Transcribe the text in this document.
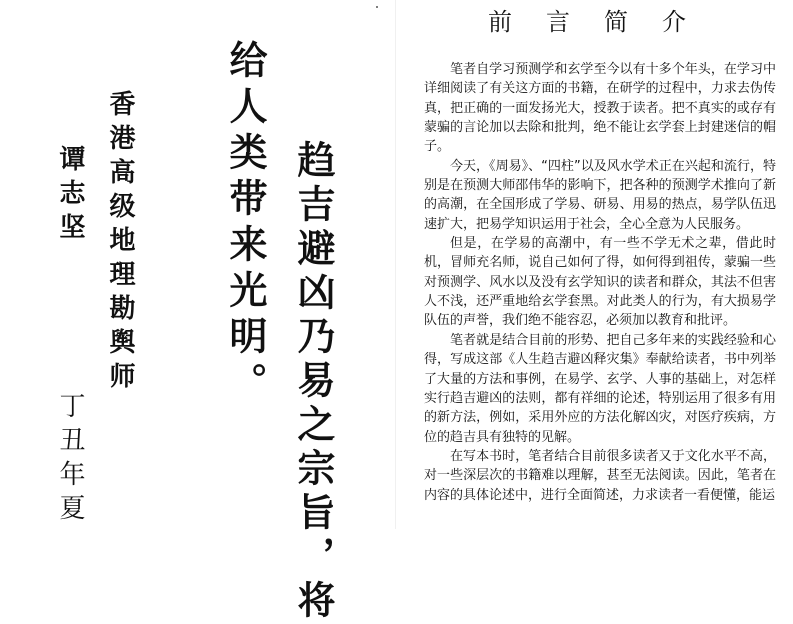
给人类带来光明。 趋吉避凶乃易之宗旨，将
香港高级地理勘舆师
谭志坚
丁丑年夏
前言简介

笔者自学习预测学和玄学至今以有十多个年头，在学习中详细阅读了有关这方面的书籍，在研学的过程中，力求去伪传真，把正确的一面发扬光大，授教于读者。把不真实的或存有蒙骗的言论加以去除和批判，绝不能让玄学套上封建迷信的帽子。

今天，《周易》、“四柱”以及风水学术正在兴起和流行，特别是在预测大师邵伟华的影响下，把各种的预测学术推向了新的高潮，在全国形成了学易、研易、用易的热点，易学队伍迅速扩大，把易学知识运用于社会，全心全意为人民服务。

但是，在学易的高潮中，有一些不学无术之辈，借此时机，冒师充名师，说自己如何了得，如何得到祖传，蒙骗一些对预测学、风水以及没有玄学知识的读者和群众，其法不但害人不浅，还严重地给玄学套黑。对此类人的行为，有大损易学队伍的声誉，我们绝不能容忍，必须加以教育和批评。

笔者就是结合目前的形势、把自己多年来的实践经验和心得，写成这部《人生趋吉避凶释灾集》奉献给读者，书中列举了大量的方法和事例，在易学、玄学、人事的基础上，对怎样实行趋吉避凶的法则，都有祥细的论述，特别运用了很多有用的新方法，例如，采用外应的方法化解凶灾，对医疗疾病，方位的趋吉具有独特的见解。

在写本书时，笔者结合目前很多读者又于文化水平不高，对一些深层次的书籍难以理解，甚至无法阅读。因此，笔者在内容的具体论述中，进行全面简述，力求读者一看便懂，能运
